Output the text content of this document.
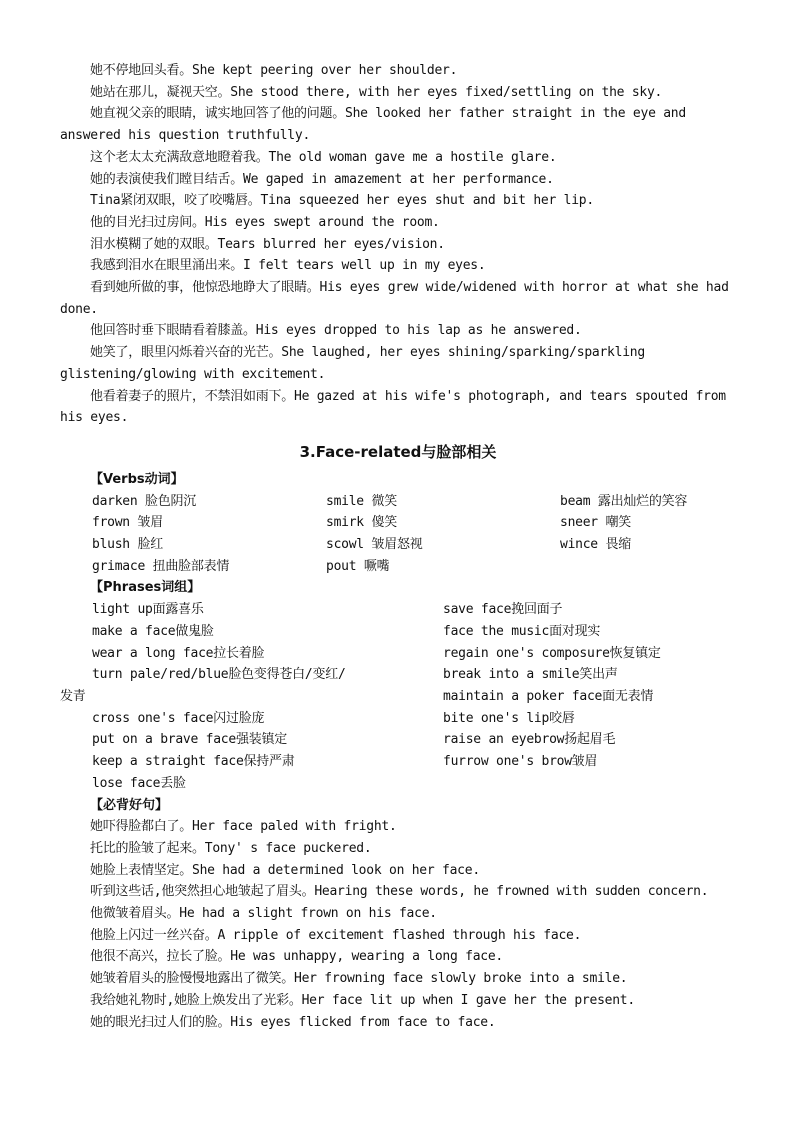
她不停地回头看。She kept peering over her shoulder.
她站在那儿，凝视天空。She stood there, with her eyes fixed/settling on the sky.
她直视父亲的眼睛，诚实地回答了他的问题。She looked her father straight in the eye and answered his question truthfully.
这个老太太充满敌意地瞪着我。The old woman gave me a hostile glare.
她的表演使我们瞠目结舌。We gaped in amazement at her performance.
Tina紧闭双眼，咬了咬嘴唇。Tina squeezed her eyes shut and bit her lip.
他的目光扫过房间。His eyes swept around the room.
泪水模糊了她的双眼。Tears blurred her eyes/vision.
我感到泪水在眼里涌出来。I felt tears well up in my eyes.
看到她所做的事，他惊恐地睁大了眼睛。His eyes grew wide/widened with horror at what she had done.
他回答时垂下眼睛看着膝盖。His eyes dropped to his lap as he answered.
她笑了，眼里闪烁着兴奋的光芒。She laughed, her eyes shining/sparking/sparkling glistening/glowing with excitement.
他看着妻子的照片，不禁泪如雨下。He gazed at his wife's photograph, and tears spouted from his eyes.
3.Face-related与脸部相关
【Verbs动词】
darken 脸色阴沉	smile 微笑	beam 露出灿烂的笑容
frown 皱眉	smirk 傻笑	sneer 嘲笑
blush 脸红	scowl 皱眉怒视	wince 畏缩
grimace 扭曲脸部表情	pout 噘嘴
【Phrases词组】
light up面露喜乐	save face挽回面子
make a face做鬼脸	face the music面对现实
wear a long face拉长着脸	regain one's composure恢复镇定
turn pale/red/blue脸色变得苍白/变红/	break into a smile笑出声
发青	maintain a poker face面无表情
cross one's face闪过脸庞	bite one's lip咬唇
put on a brave face强装镇定	raise an eyebrow扬起眉毛
keep a straight face保持严肃	furrow one's brow皱眉
lose face丢脸
【必背好句】
她吓得脸都白了。Her face paled with fright.
托比的脸皱了起来。Tony' s face puckered.
她脸上表情坚定。She had a determined look on her face.
听到这些话,他突然担心地皱起了眉头。Hearing these words, he frowned with sudden concern.
他微皱着眉头。He had a slight frown on his face.
他脸上闪过一丝兴奋。A ripple of excitement flashed through his face.
他很不高兴，拉长了脸。He was unhappy, wearing a long face.
她皱着眉头的脸慢慢地露出了微笑。Her frowning face slowly broke into a smile.
我给她礼物时,她脸上焕发出了光彩。Her face lit up when I gave her the present.
她的眼光扫过人们的脸。His eyes flicked from face to face.
